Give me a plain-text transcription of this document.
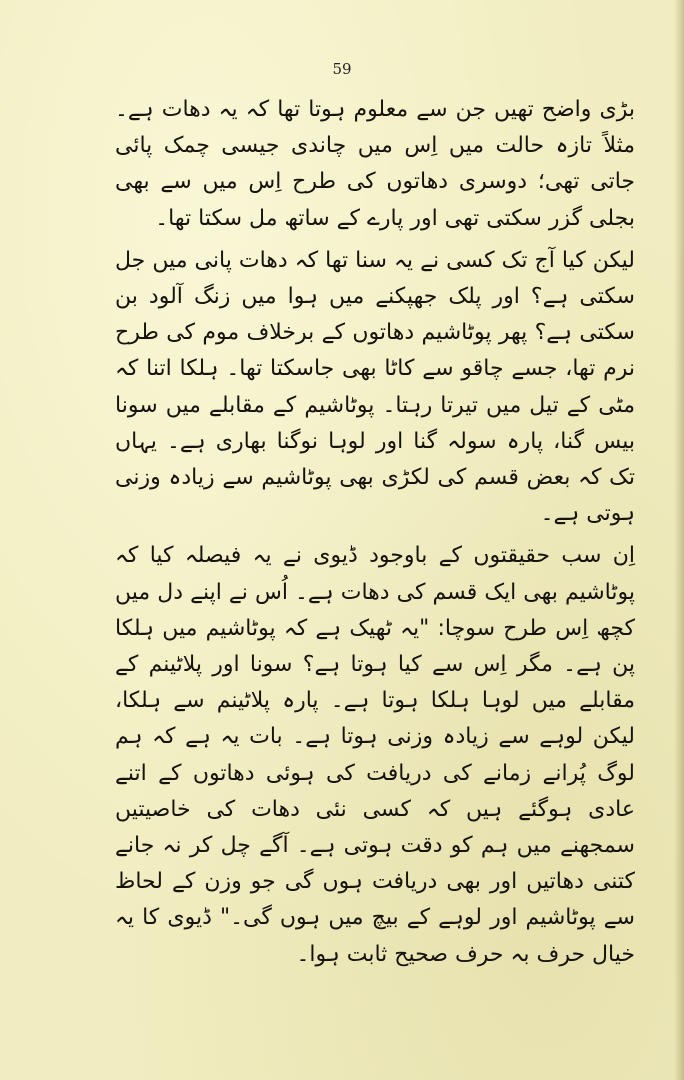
59

بڑی واضح تھیں جن سے معلوم ہوتا تھا کہ یہ دھات ہے۔ مثلاً تازہ حالت میں اِس میں چاندی جیسی چمک پائی جاتی تھی؛ دوسری دھاتوں کی طرح اِس میں سے بھی بجلی گزر سکتی تھی اور پارے کے ساتھ مل سکتا تھا۔

لیکن کیا آج تک کسی نے یہ سنا تھا کہ دھات پانی میں جل سکتی ہے؟ اور پلک جھپکنے میں ہوا میں زنگ آلود بن سکتی ہے؟ پھر پوٹاشیم دھاتوں کے برخلاف موم کی طرح نرم تھا، جسے چاقو سے کاٹا بھی جاسکتا تھا۔ ہلکا اتنا کہ مٹی کے تیل میں تیرتا رہتا۔ پوٹاشیم کے مقابلے میں سونا بیس گنا، پارہ سولہ گنا اور لوہا نوگنا بھاری ہے۔ یہاں تک کہ بعض قسم کی لکڑی بھی پوٹاشیم سے زیادہ وزنی ہوتی ہے۔

اِن سب حقیقتوں کے باوجود ڈیوی نے یہ فیصلہ کیا کہ پوٹاشیم بھی ایک قسم کی دھات ہے۔ اُس نے اپنے دل میں کچھ اِس طرح سوچا: "یہ ٹھیک ہے کہ پوٹاشیم میں ہلکا پن ہے۔ مگر اِس سے کیا ہوتا ہے؟ سونا اور پلاٹینم کے مقابلے میں لوہا ہلکا ہوتا ہے۔ پارہ پلاٹینم سے ہلکا، لیکن لوہے سے زیادہ وزنی ہوتا ہے۔ بات یہ ہے کہ ہم لوگ پُرانے زمانے کی دریافت کی ہوئی دھاتوں کے اتنے عادی ہوگئے ہیں کہ کسی نئی دھات کی خاصیتیں سمجھنے میں ہم کو دقت ہوتی ہے۔ آگے چل کر نہ جانے کتنی دھاتیں اور بھی دریافت ہوں گی جو وزن کے لحاظ سے پوٹاشیم اور لوہے کے بیچ میں ہوں گی۔" ڈیوی کا یہ خیال حرف بہ حرف صحیح ثابت ہوا۔
